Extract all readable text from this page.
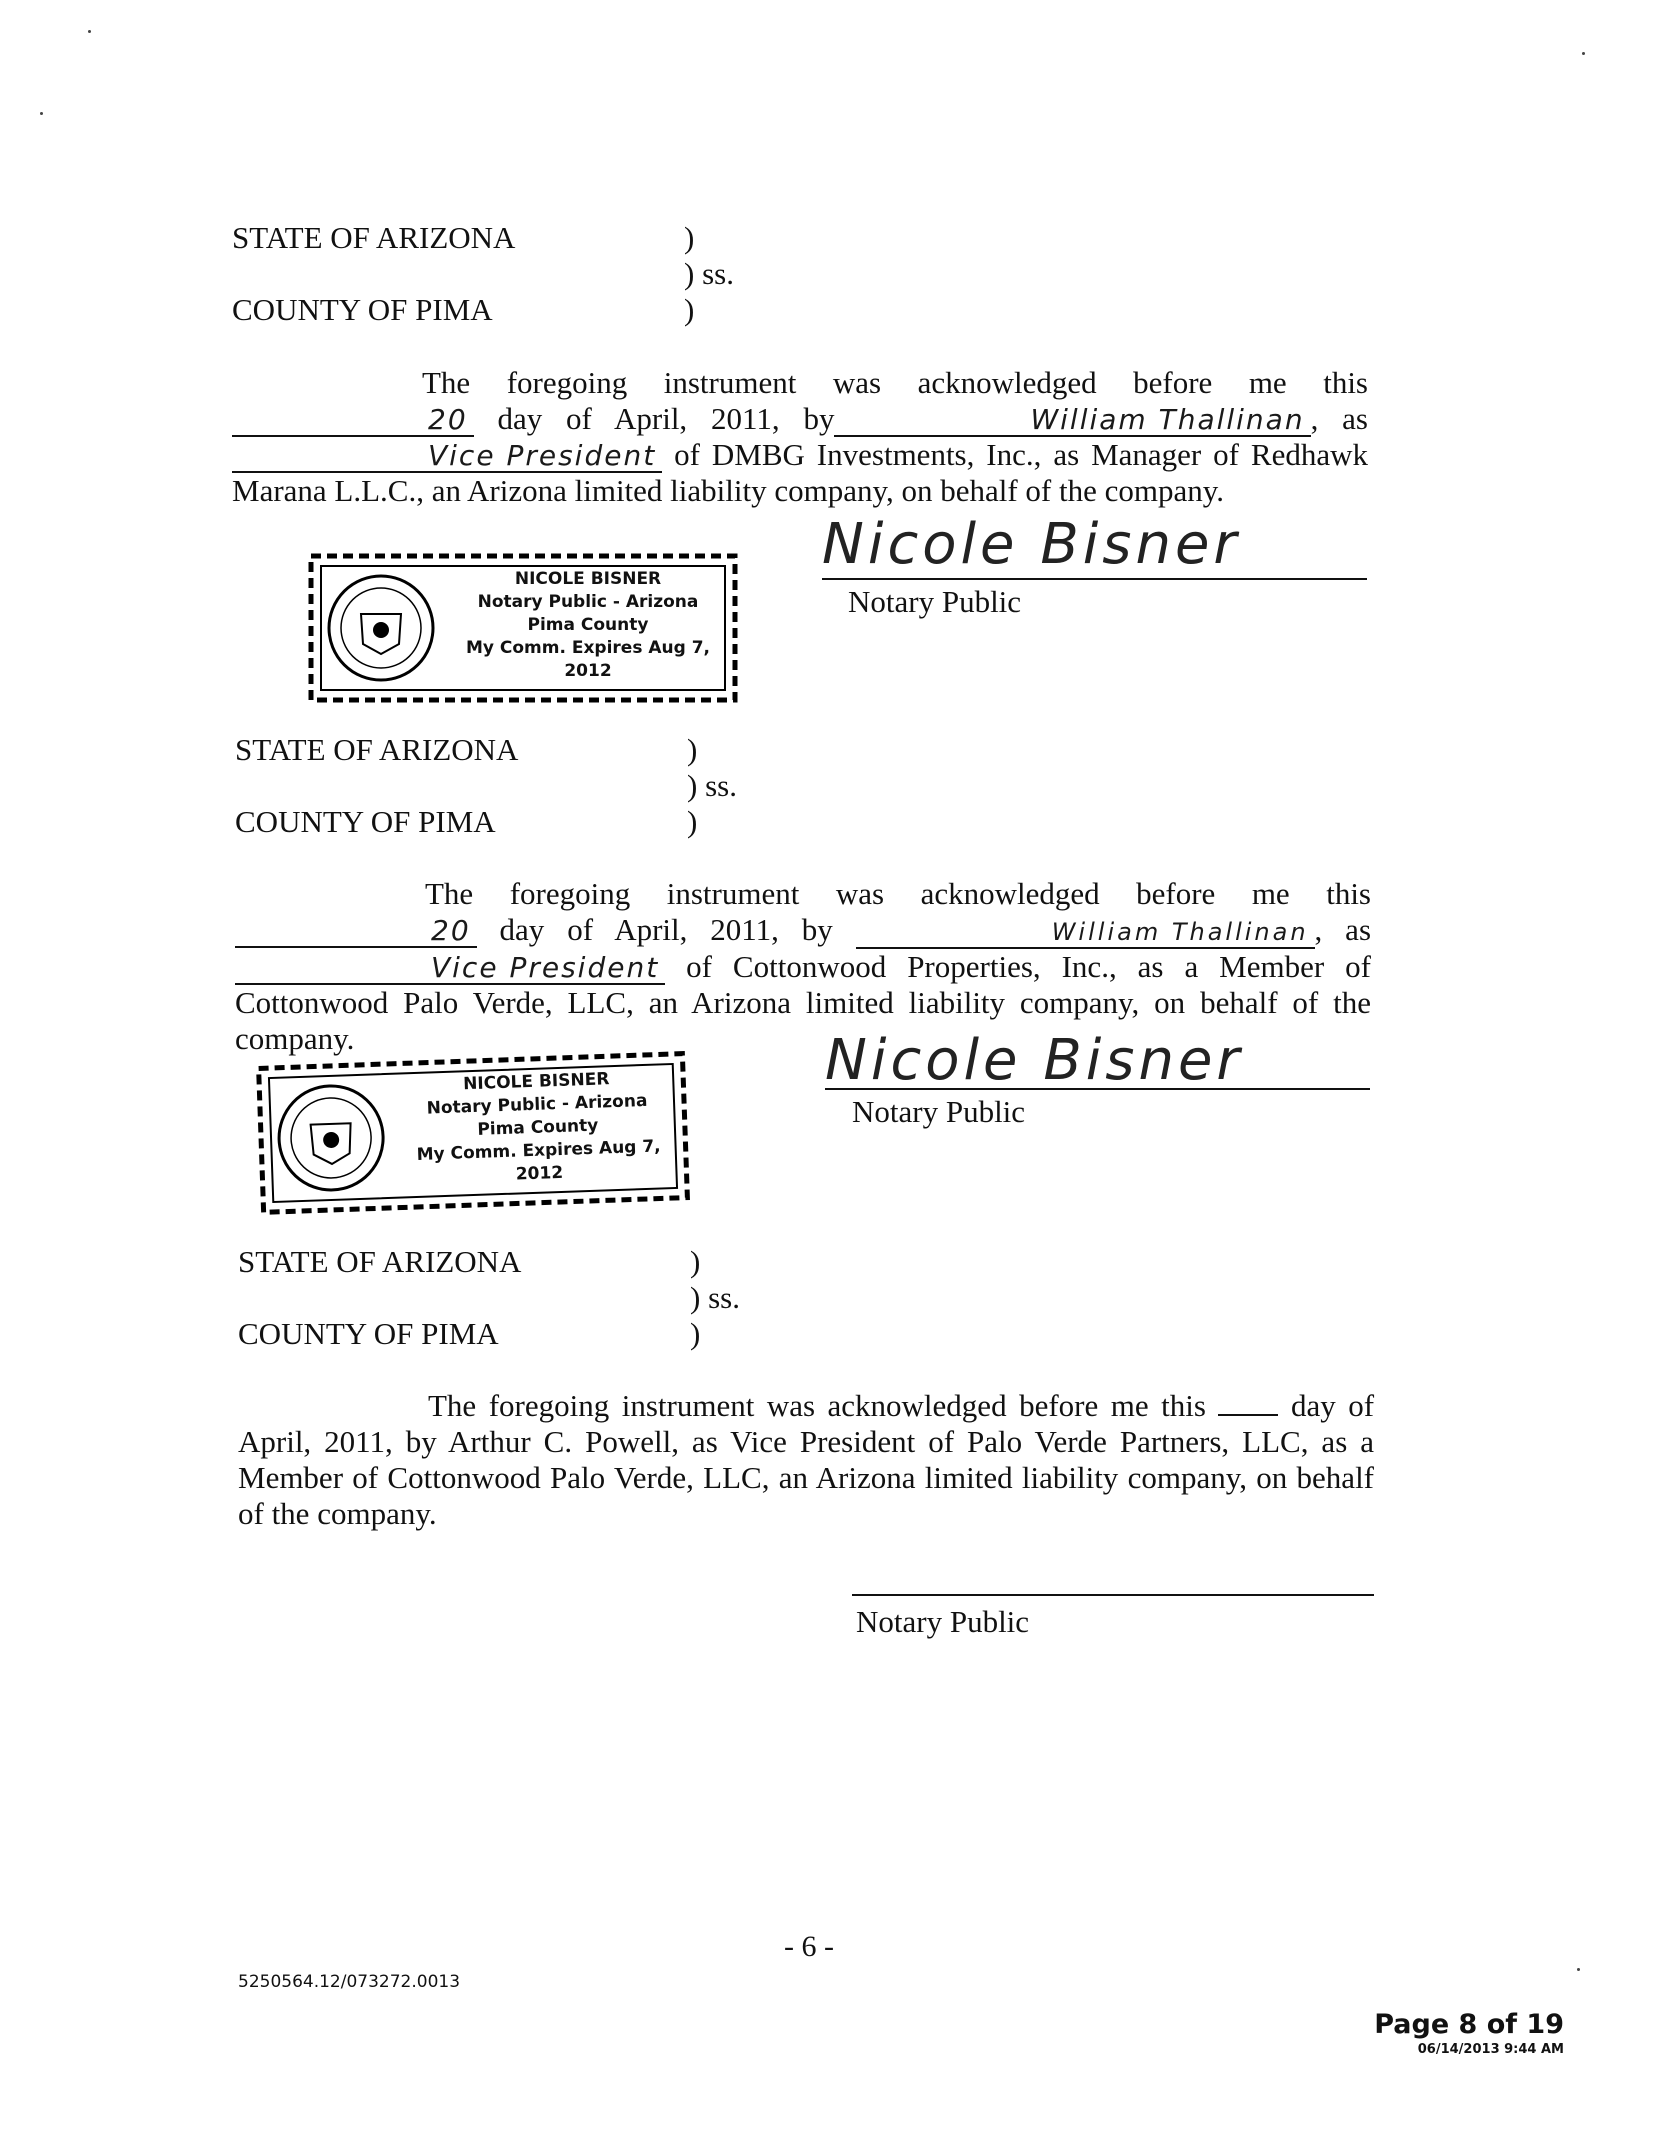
STATE OF ARIZONA	)
) ss.
COUNTY OF PIMA	)

The foregoing instrument was acknowledged before me this 20 day of April, 2011, by	William Thallinan , as Vice President of DMBG Investments, Inc., as Manager of Redhawk Marana L.L.C., an Arizona limited liability company, on behalf of the company.

Nicole Bisner
Notary Public
NICOLE BISNER
Notary Public - Arizona
Pima County
My Comm. Expires Aug 7, 2012
STATE OF ARIZONA	)
) ss.
COUNTY OF PIMA	)

The foregoing instrument was acknowledged before me this20 day of April, 2011, by	William Thallinan , as Vice President of Cottonwood Properties, Inc., as a Member of Cottonwood Palo Verde, LLC, an Arizona limited liability company, on behalf of the company.	Nicole Bisner
Notary Public
NICOLE BISNER
Notary Public - Arizona
Pima County
My Comm. Expires Aug 7, 2012
STATE OF ARIZONA	)
) ss.
COUNTY OF PIMA	)

The foregoing instrument was acknowledged before me this	day of April, 2011, by Arthur C. Powell, as Vice President of Palo Verde Partners, LLC, as a Member of Cottonwood Palo Verde, LLC, an Arizona limited liability company, on behalf of the company.

Notary Public
- 6 -
5250564.12/073272.0013
Page 8 of 19
06/14/2013 9:44 AM
